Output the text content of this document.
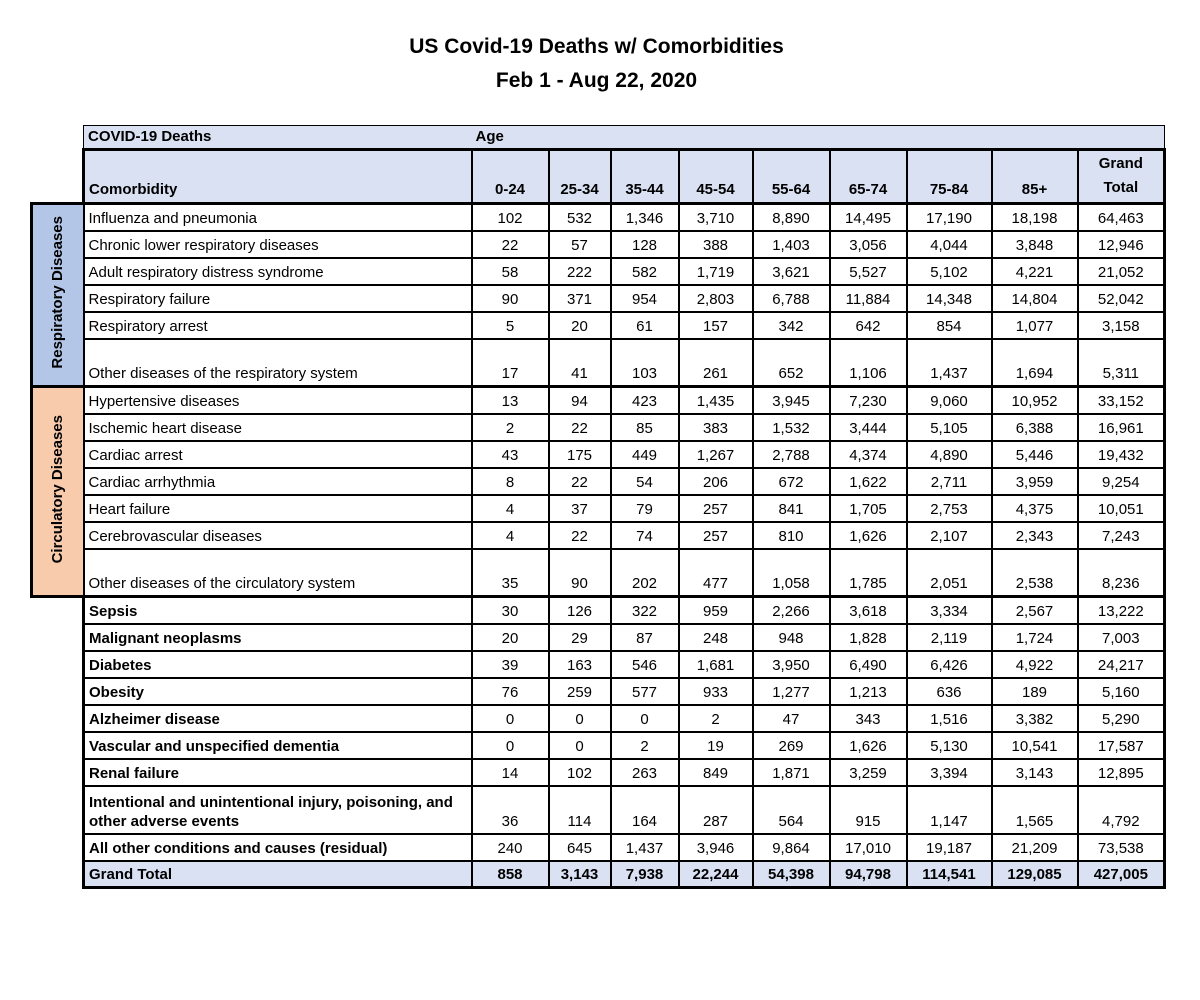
US Covid-19 Deaths w/ Comorbidities
Feb 1 - Aug 22, 2020
	COVID-19 Deaths	Age								
	Comorbidity	0-24	25-34	35-44	45-54	55-64	65-74	75-84	85+	Grand Total
Respiratory Diseases	Influenza and pneumonia	102	532	1,346	3,710	8,890	14,495	17,190	18,198	64,463
	Chronic lower respiratory diseases	22	57	128	388	1,403	3,056	4,044	3,848	12,946
	Adult respiratory distress syndrome	58	222	582	1,719	3,621	5,527	5,102	4,221	21,052
	Respiratory failure	90	371	954	2,803	6,788	11,884	14,348	14,804	52,042
	Respiratory arrest	5	20	61	157	342	642	854	1,077	3,158
	Other diseases of the respiratory system	17	41	103	261	652	1,106	1,437	1,694	5,311
Circulatory Diseases	Hypertensive diseases	13	94	423	1,435	3,945	7,230	9,060	10,952	33,152
	Ischemic heart disease	2	22	85	383	1,532	3,444	5,105	6,388	16,961
	Cardiac arrest	43	175	449	1,267	2,788	4,374	4,890	5,446	19,432
	Cardiac arrhythmia	8	22	54	206	672	1,622	2,711	3,959	9,254
	Heart failure	4	37	79	257	841	1,705	2,753	4,375	10,051
	Cerebrovascular diseases	4	22	74	257	810	1,626	2,107	2,343	7,243
	Other diseases of the circulatory system	35	90	202	477	1,058	1,785	2,051	2,538	8,236
	Sepsis	30	126	322	959	2,266	3,618	3,334	2,567	13,222
	Malignant neoplasms	20	29	87	248	948	1,828	2,119	1,724	7,003
	Diabetes	39	163	546	1,681	3,950	6,490	6,426	4,922	24,217
	Obesity	76	259	577	933	1,277	1,213	636	189	5,160
	Alzheimer disease	0	0	0	2	47	343	1,516	3,382	5,290
	Vascular and unspecified dementia	0	0	2	19	269	1,626	5,130	10,541	17,587
	Renal failure	14	102	263	849	1,871	3,259	3,394	3,143	12,895
	Intentional and unintentional injury, poisoning, and other adverse events	36	114	164	287	564	915	1,147	1,565	4,792
	All other conditions and causes (residual)	240	645	1,437	3,946	9,864	17,010	19,187	21,209	73,538
	Grand Total	858	3,143	7,938	22,244	54,398	94,798	114,541	129,085	427,005
